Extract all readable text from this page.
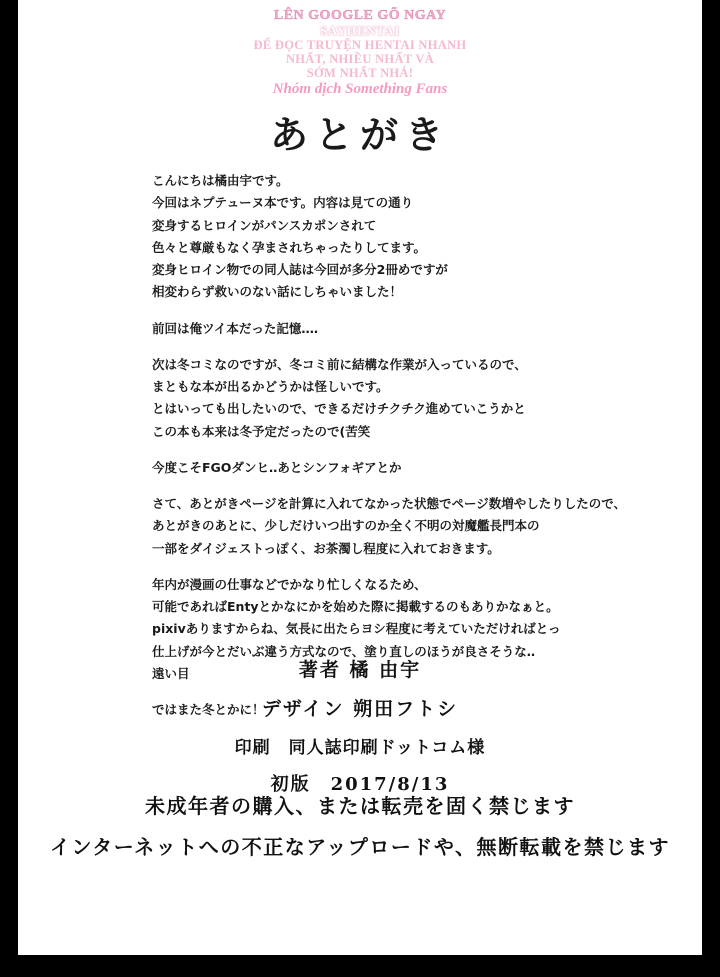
LÊN GOOGLE GÕ NGAY
SAYHENTAI
ĐỂ ĐỌC TRUYỆN HENTAI NHANH
NHẤT, NHIỀU NHẤT VÀ
SỚM NHẤT NHÁ!
Nhóm dịch Something Fans
あとがき
こんにちは橘由宇です。
今回はネプテューヌ本です。内容は見ての通り
変身するヒロインがパンスカポンされて
色々と尊厳もなく孕まされちゃったりしてます。
変身ヒロイン物での同人誌は今回が多分2冊めですが
相変わらず救いのない話にしちゃいました！
前回は俺ツイ本だった記憶‥‥
次は冬コミなのですが、冬コミ前に結構な作業が入っているので、
まともな本が出るかどうかは怪しいです。
とはいっても出したいので、できるだけチクチク進めていこうかと
この本も本来は冬予定だったので(苦笑
今度こそFGOダンヒ‥あとシンフォギアとか
さて、あとがきページを計算に入れてなかった状態でページ数増やしたりしたので、
あとがきのあとに、少しだけいつ出すのか全く不明の対魔艦長門本の
一部をダイジェストっぽく、お茶濁し程度に入れておきます。
年内が漫画の仕事などでかなり忙しくなるため、
可能であればEntyとかなにかを始めた際に掲載するのもありかなぁと。
pixivありますからね、気長に出たらヨシ程度に考えていただければとっ
仕上げが今とだいぶ違う方式なので、塗り直しのほうが良さそうな‥
遠い目
ではまた冬とかに！
著者 橘 由宇
デザイン 朔田フトシ
印刷　同人誌印刷ドットコム様
初版　2017/8/13
未成年者の購入、または転売を固く禁じます
インターネットへの不正なアップロードや、無断転載を禁じます
